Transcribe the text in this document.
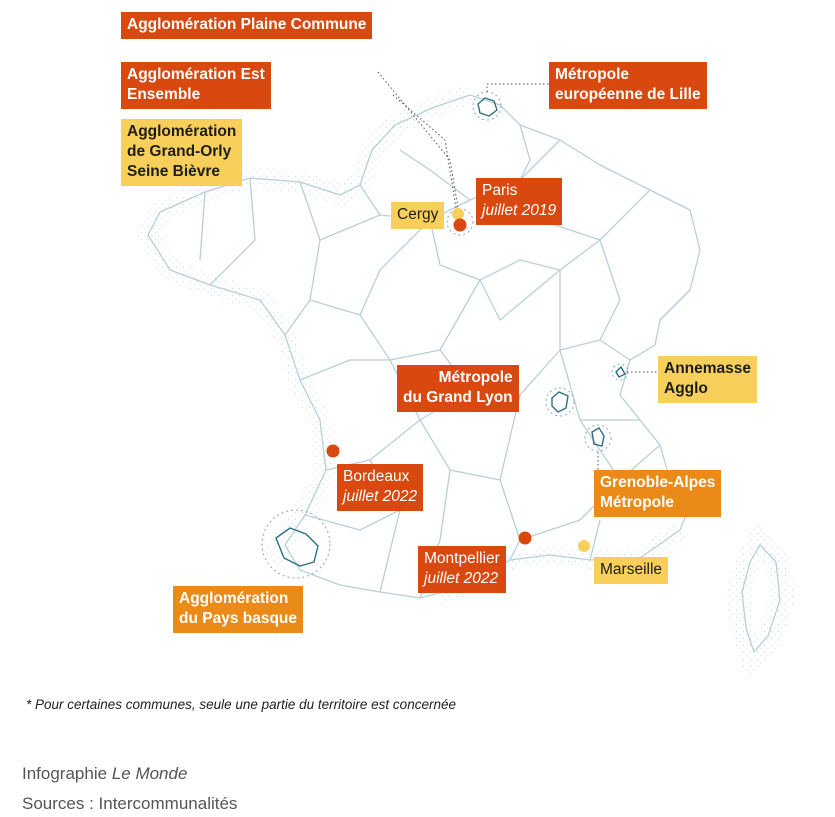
Agglomération Plaine Commune
Agglomération Est
Ensemble
Agglomération
de Grand-Orly
Seine Bièvre
Métropole
européenne de Lille
Paris
juillet 2019
Cergy
Annemasse
Agglo
Métropole
du Grand Lyon
Bordeaux
juillet 2022
Grenoble-Alpes
Métropole
Montpellier
juillet 2022
Marseille
Agglomération
du Pays basque
* Pour certaines communes, seule une partie du territoire est concernée
Infographie Le Monde
Sources : Intercommunalités
